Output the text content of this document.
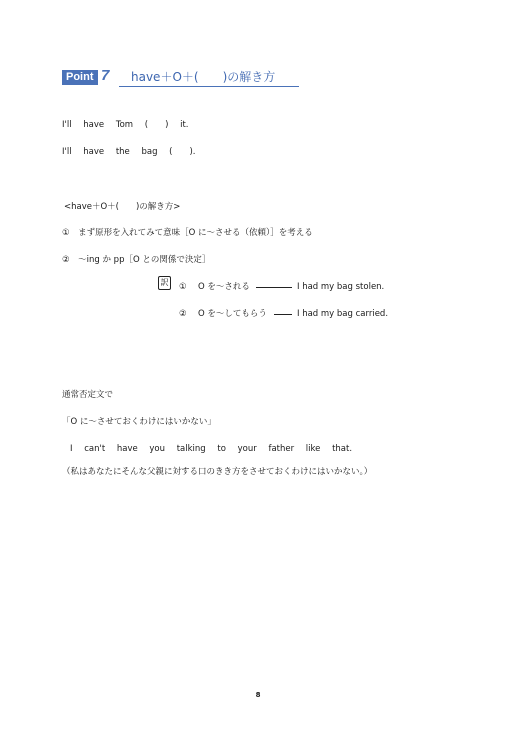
Point 7	have＋O＋(　　)の解き方
I'll have Tom (　　) it.
I'll have the bag (　　).
<have＋O＋(　　)の解き方>
①　まず原形を入れてみて意味［O に～させる（依頼）］を考える
②　～ing か pp［O との関係で決定］
訳 ① O を～される	I had my bag stolen.
② O を～してもらう	I had my bag carried.
通常否定文で
「O に～させておくわけにはいかない」
I can't have you talking to your father like that.
（私はあなたにそんな父親に対する口のきき方をさせておくわけにはいかない。）
8
